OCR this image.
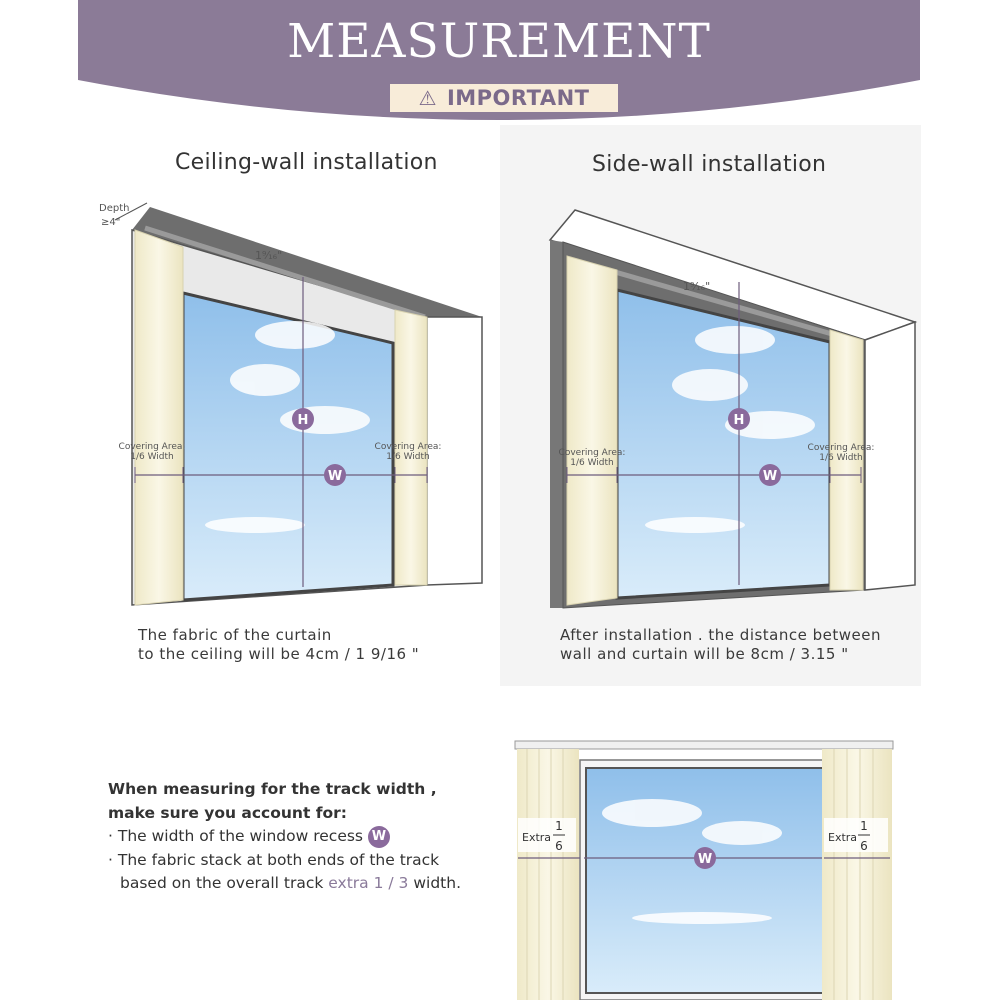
MEASUREMENT
⚠ IMPORTANT
Ceiling-wall installation	Side-wall installation
H
W
Depth
≥4"
1⁹⁄₁₆"
Covering Area:
1/6 Width
Covering Area:
1/6 Width
H
W
1⁹⁄₁₆"
Covering Area:
1/6 Width
Covering Area:
1/6 Width
The fabric of the curtain
to the ceiling will be 4cm / 1 9/16 "
After installation . the distance between
wall and curtain will be 8cm / 3.15 "
When measuring for the track width ,
make sure you account for:
· The width of the window recess W
· The fabric stack at both ends of the track
based on the overall track extra 1 / 3 width.
W
Extra
1
6
Extra
1
6
